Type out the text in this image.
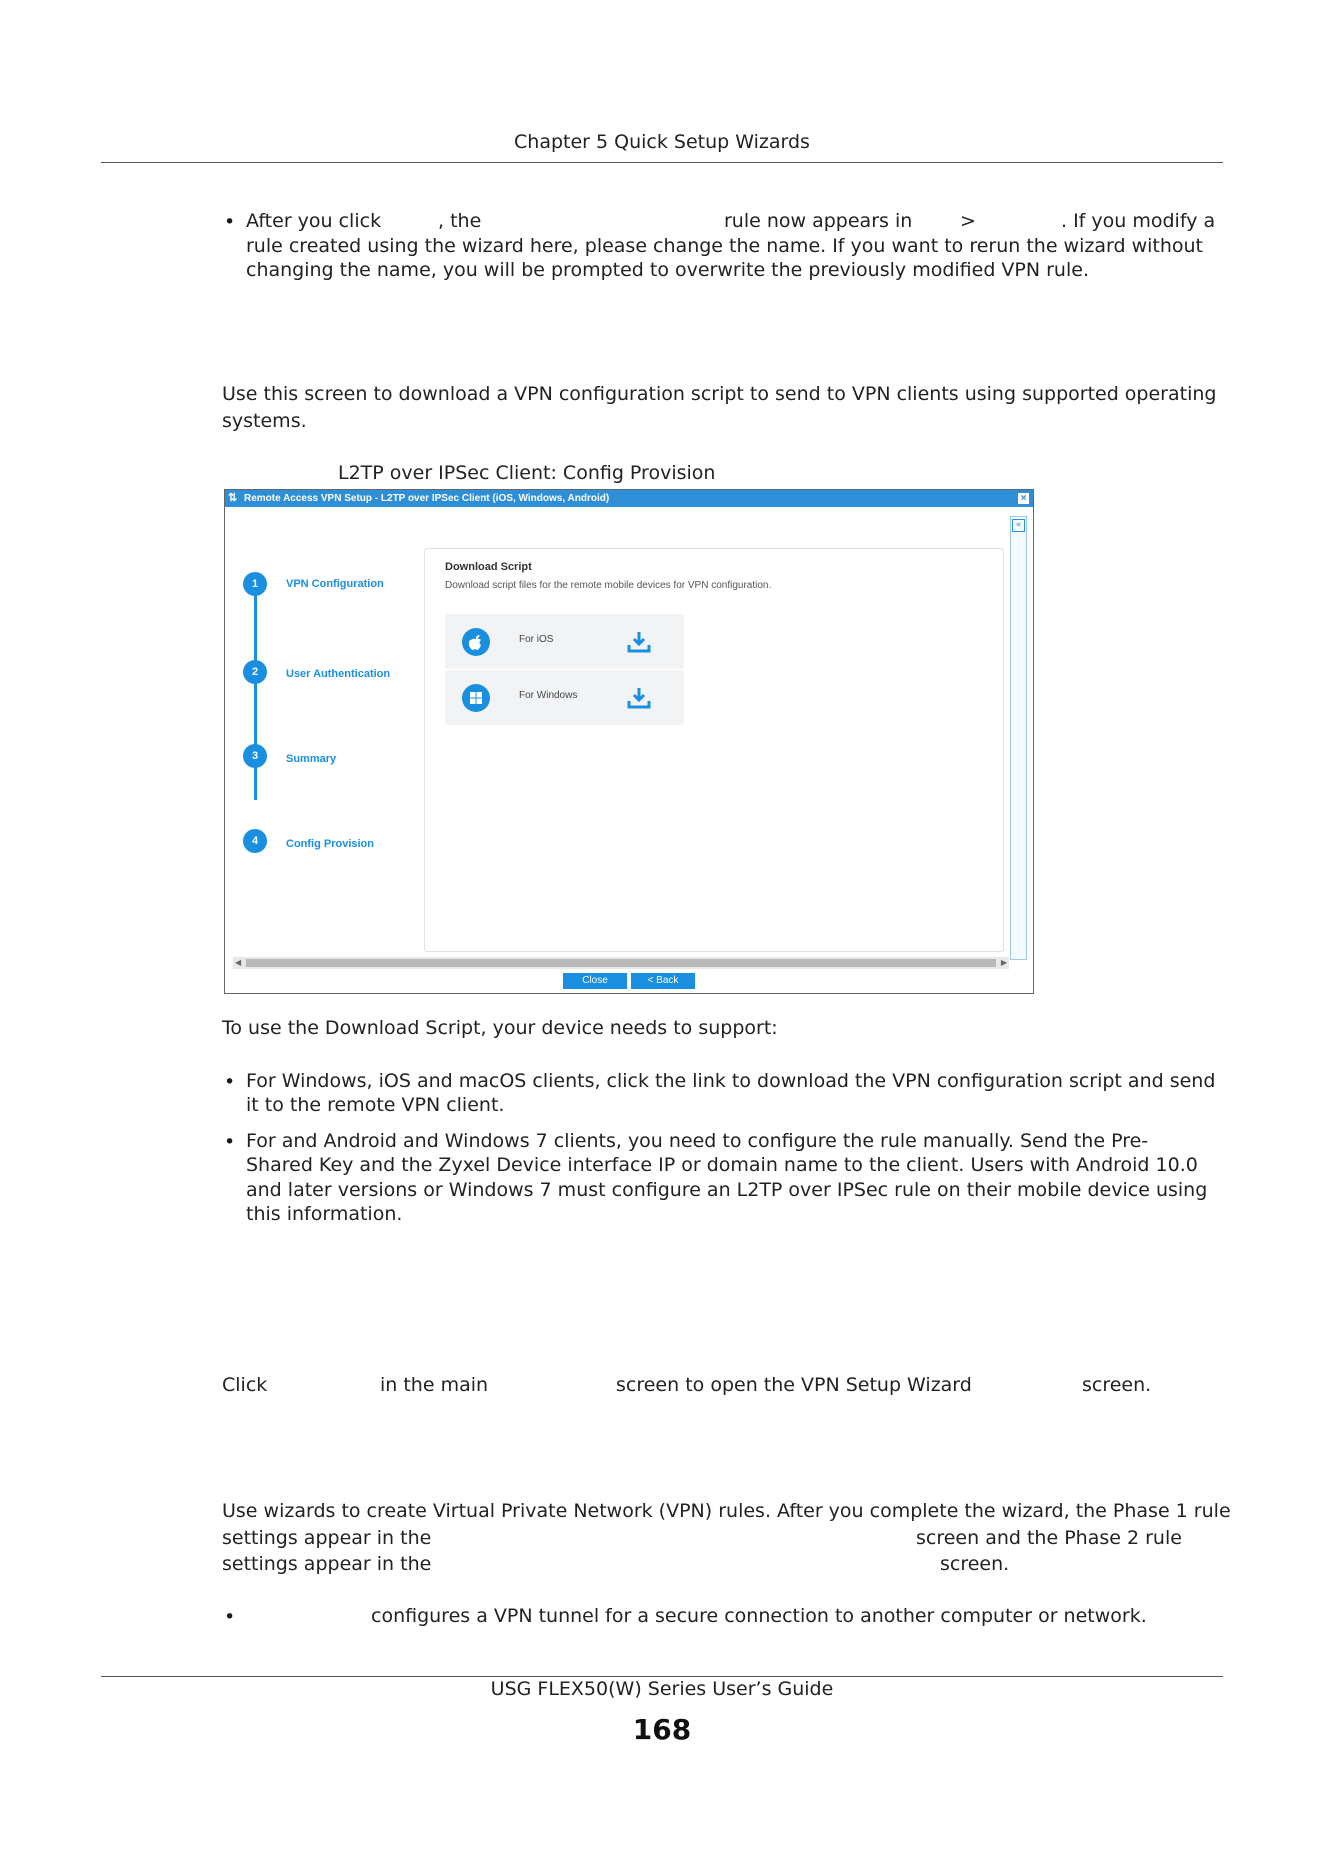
Chapter 5 Quick Setup Wizards
• After you click	, the	rule now appears in	>	. If you modify a
rule created using the wizard here, please change the name. If you want to rerun the wizard without
changing the name, you will be prompted to overwrite the previously modified VPN rule.
Use this screen to download a VPN configuration script to send to VPN clients using supported operating
systems.
L2TP over IPSec Client: Config Provision
⇅ Remote Access VPN Setup - L2TP over IPSec Client (iOS, Windows, Android)	×
«
1	VPN Configuration
2	User Authentication
3	Summary
4	Config Provision
Download Script
Download script files for the remote mobile devices for VPN configuration.
For iOS
For Windows
◀	▶
Close	< Back
To use the Download Script, your device needs to support:
• For Windows, iOS and macOS clients, click the link to download the VPN configuration script and send
it to the remote VPN client.
• For and Android and Windows 7 clients, you need to configure the rule manually. Send the Pre-
Shared Key and the Zyxel Device interface IP or domain name to the client. Users with Android 10.0
and later versions or Windows 7 must configure an L2TP over IPSec rule on their mobile device using
this information.
Click	in the main	screen to open the VPN Setup Wizard	screen.
Use wizards to create Virtual Private Network (VPN) rules. After you complete the wizard, the Phase 1 rule
settings appear in the	screen and the Phase 2 rule
settings appear in the	screen.
•	configures a VPN tunnel for a secure connection to another computer or network.
USG FLEX50(W) Series User’s Guide
168
